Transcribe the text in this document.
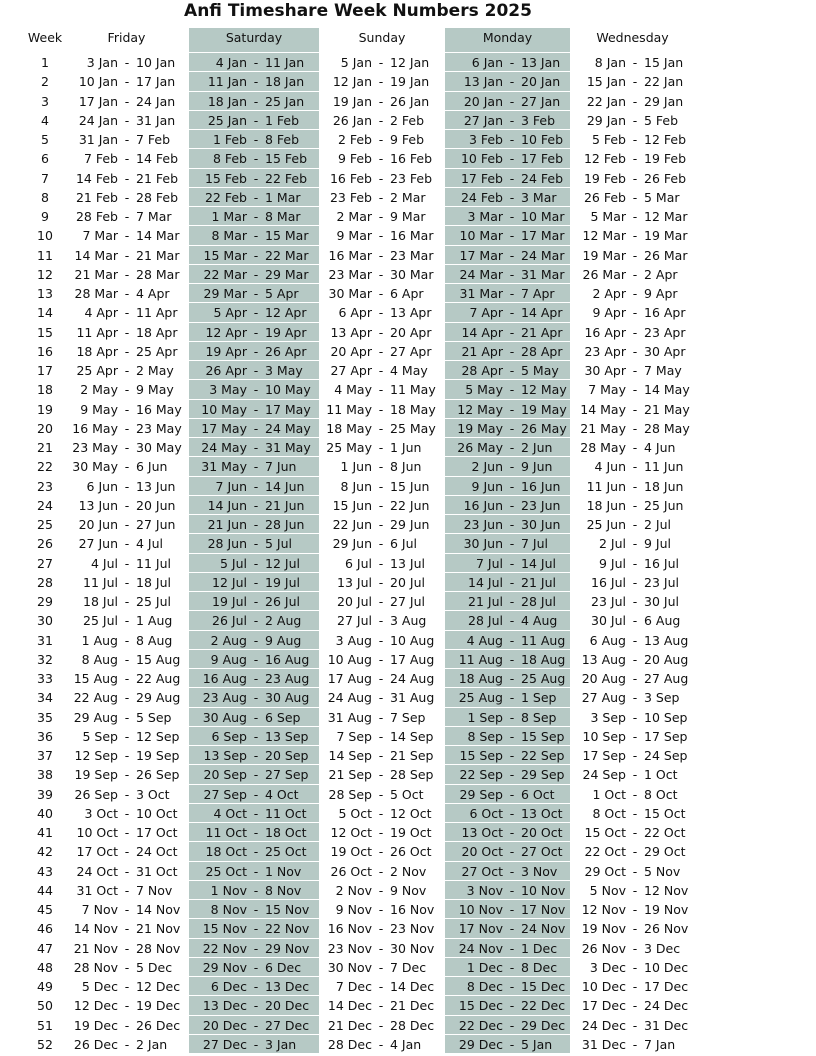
Anfi Timeshare Week Numbers 2025
Week	Friday	Saturday	Sunday	Monday	Wednesday
1	3 Jan - 10 Jan	4 Jan - 11 Jan	5 Jan - 12 Jan	6 Jan - 13 Jan	8 Jan - 15 Jan
2	10 Jan - 17 Jan	11 Jan - 18 Jan	12 Jan - 19 Jan	13 Jan - 20 Jan	15 Jan - 22 Jan
3	17 Jan - 24 Jan	18 Jan - 25 Jan	19 Jan - 26 Jan	20 Jan - 27 Jan	22 Jan - 29 Jan
4	24 Jan - 31 Jan	25 Jan - 1 Feb	26 Jan - 2 Feb	27 Jan - 3 Feb	29 Jan - 5 Feb
5	31 Jan - 7 Feb	1 Feb - 8 Feb	2 Feb - 9 Feb	3 Feb - 10 Feb	5 Feb - 12 Feb
6	7 Feb - 14 Feb	8 Feb - 15 Feb	9 Feb - 16 Feb	10 Feb - 17 Feb	12 Feb - 19 Feb
7	14 Feb - 21 Feb	15 Feb - 22 Feb	16 Feb - 23 Feb	17 Feb - 24 Feb	19 Feb - 26 Feb
8	21 Feb - 28 Feb	22 Feb - 1 Mar	23 Feb - 2 Mar	24 Feb - 3 Mar	26 Feb - 5 Mar
9	28 Feb - 7 Mar	1 Mar - 8 Mar	2 Mar - 9 Mar	3 Mar - 10 Mar	5 Mar - 12 Mar
10	7 Mar - 14 Mar	8 Mar - 15 Mar	9 Mar - 16 Mar	10 Mar - 17 Mar	12 Mar - 19 Mar
11	14 Mar - 21 Mar	15 Mar - 22 Mar	16 Mar - 23 Mar	17 Mar - 24 Mar	19 Mar - 26 Mar
12	21 Mar - 28 Mar	22 Mar - 29 Mar	23 Mar - 30 Mar	24 Mar - 31 Mar	26 Mar - 2 Apr
13	28 Mar - 4 Apr	29 Mar - 5 Apr	30 Mar - 6 Apr	31 Mar - 7 Apr	2 Apr - 9 Apr
14	4 Apr - 11 Apr	5 Apr - 12 Apr	6 Apr - 13 Apr	7 Apr - 14 Apr	9 Apr - 16 Apr
15	11 Apr - 18 Apr	12 Apr - 19 Apr	13 Apr - 20 Apr	14 Apr - 21 Apr	16 Apr - 23 Apr
16	18 Apr - 25 Apr	19 Apr - 26 Apr	20 Apr - 27 Apr	21 Apr - 28 Apr	23 Apr - 30 Apr
17	25 Apr - 2 May	26 Apr - 3 May	27 Apr - 4 May	28 Apr - 5 May	30 Apr - 7 May
18	2 May - 9 May	3 May - 10 May	4 May - 11 May	5 May - 12 May	7 May - 14 May
19	9 May - 16 May	10 May - 17 May	11 May - 18 May	12 May - 19 May	14 May - 21 May
20	16 May - 23 May	17 May - 24 May	18 May - 25 May	19 May - 26 May	21 May - 28 May
21	23 May - 30 May	24 May - 31 May	25 May - 1 Jun	26 May - 2 Jun	28 May - 4 Jun
22	30 May - 6 Jun	31 May - 7 Jun	1 Jun - 8 Jun	2 Jun - 9 Jun	4 Jun - 11 Jun
23	6 Jun - 13 Jun	7 Jun - 14 Jun	8 Jun - 15 Jun	9 Jun - 16 Jun	11 Jun - 18 Jun
24	13 Jun - 20 Jun	14 Jun - 21 Jun	15 Jun - 22 Jun	16 Jun - 23 Jun	18 Jun - 25 Jun
25	20 Jun - 27 Jun	21 Jun - 28 Jun	22 Jun - 29 Jun	23 Jun - 30 Jun	25 Jun - 2 Jul
26	27 Jun - 4 Jul	28 Jun - 5 Jul	29 Jun - 6 Jul	30 Jun - 7 Jul	2 Jul - 9 Jul
27	4 Jul - 11 Jul	5 Jul - 12 Jul	6 Jul - 13 Jul	7 Jul - 14 Jul	9 Jul - 16 Jul
28	11 Jul - 18 Jul	12 Jul - 19 Jul	13 Jul - 20 Jul	14 Jul - 21 Jul	16 Jul - 23 Jul
29	18 Jul - 25 Jul	19 Jul - 26 Jul	20 Jul - 27 Jul	21 Jul - 28 Jul	23 Jul - 30 Jul
30	25 Jul - 1 Aug	26 Jul - 2 Aug	27 Jul - 3 Aug	28 Jul - 4 Aug	30 Jul - 6 Aug
31	1 Aug - 8 Aug	2 Aug - 9 Aug	3 Aug - 10 Aug	4 Aug - 11 Aug	6 Aug - 13 Aug
32	8 Aug - 15 Aug	9 Aug - 16 Aug	10 Aug - 17 Aug	11 Aug - 18 Aug	13 Aug - 20 Aug
33	15 Aug - 22 Aug	16 Aug - 23 Aug	17 Aug - 24 Aug	18 Aug - 25 Aug	20 Aug - 27 Aug
34	22 Aug - 29 Aug	23 Aug - 30 Aug	24 Aug - 31 Aug	25 Aug - 1 Sep	27 Aug - 3 Sep
35	29 Aug - 5 Sep	30 Aug - 6 Sep	31 Aug - 7 Sep	1 Sep - 8 Sep	3 Sep - 10 Sep
36	5 Sep - 12 Sep	6 Sep - 13 Sep	7 Sep - 14 Sep	8 Sep - 15 Sep	10 Sep - 17 Sep
37	12 Sep - 19 Sep	13 Sep - 20 Sep	14 Sep - 21 Sep	15 Sep - 22 Sep	17 Sep - 24 Sep
38	19 Sep - 26 Sep	20 Sep - 27 Sep	21 Sep - 28 Sep	22 Sep - 29 Sep	24 Sep - 1 Oct
39	26 Sep - 3 Oct	27 Sep - 4 Oct	28 Sep - 5 Oct	29 Sep - 6 Oct	1 Oct - 8 Oct
40	3 Oct - 10 Oct	4 Oct - 11 Oct	5 Oct - 12 Oct	6 Oct - 13 Oct	8 Oct - 15 Oct
41	10 Oct - 17 Oct	11 Oct - 18 Oct	12 Oct - 19 Oct	13 Oct - 20 Oct	15 Oct - 22 Oct
42	17 Oct - 24 Oct	18 Oct - 25 Oct	19 Oct - 26 Oct	20 Oct - 27 Oct	22 Oct - 29 Oct
43	24 Oct - 31 Oct	25 Oct - 1 Nov	26 Oct - 2 Nov	27 Oct - 3 Nov	29 Oct - 5 Nov
44	31 Oct - 7 Nov	1 Nov - 8 Nov	2 Nov - 9 Nov	3 Nov - 10 Nov	5 Nov - 12 Nov
45	7 Nov - 14 Nov	8 Nov - 15 Nov	9 Nov - 16 Nov	10 Nov - 17 Nov	12 Nov - 19 Nov
46	14 Nov - 21 Nov	15 Nov - 22 Nov	16 Nov - 23 Nov	17 Nov - 24 Nov	19 Nov - 26 Nov
47	21 Nov - 28 Nov	22 Nov - 29 Nov	23 Nov - 30 Nov	24 Nov - 1 Dec	26 Nov - 3 Dec
48	28 Nov - 5 Dec	29 Nov - 6 Dec	30 Nov - 7 Dec	1 Dec - 8 Dec	3 Dec - 10 Dec
49	5 Dec - 12 Dec	6 Dec - 13 Dec	7 Dec - 14 Dec	8 Dec - 15 Dec	10 Dec - 17 Dec
50	12 Dec - 19 Dec	13 Dec - 20 Dec	14 Dec - 21 Dec	15 Dec - 22 Dec	17 Dec - 24 Dec
51	19 Dec - 26 Dec	20 Dec - 27 Dec	21 Dec - 28 Dec	22 Dec - 29 Dec	24 Dec - 31 Dec
52	26 Dec - 2 Jan	27 Dec - 3 Jan	28 Dec - 4 Jan	29 Dec - 5 Jan	31 Dec - 7 Jan
